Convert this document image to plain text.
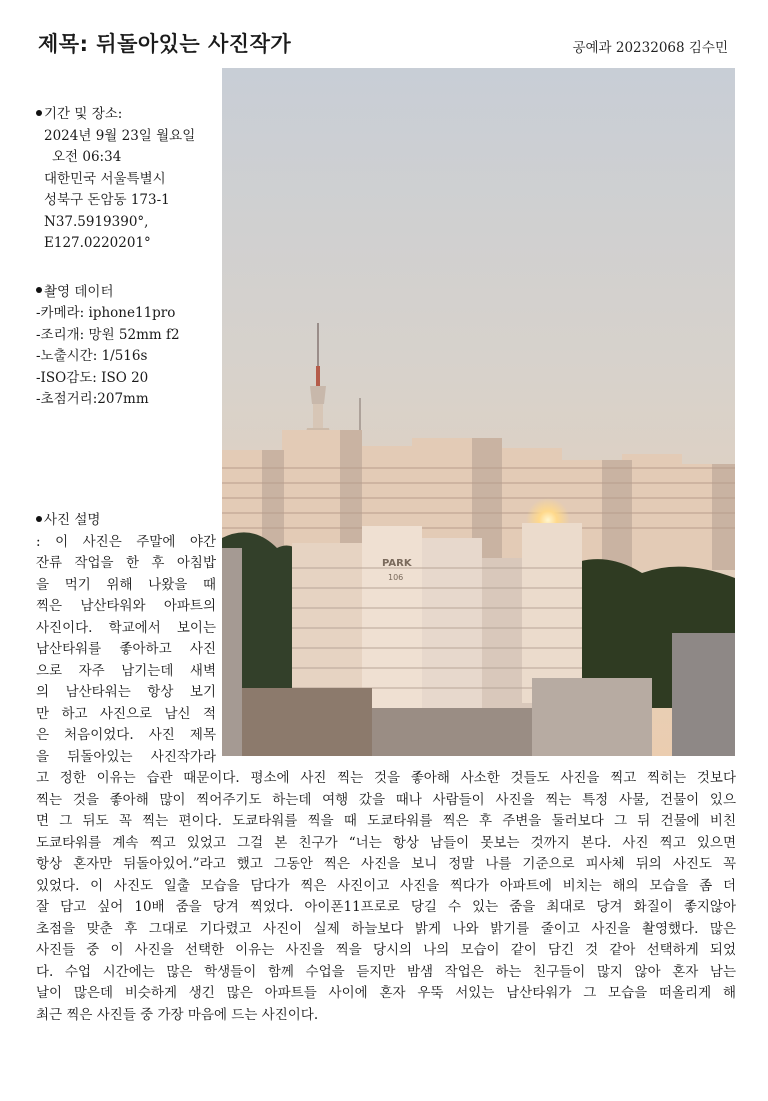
제목: 뒤돌아있는 사진작가	공예과 20232068 김수민
기간 및 장소:
2024년 9월 23일 월요일
오전 06:34
대한민국 서울특별시
성북구 돈암동 173-1
N37.5919390°,
E127.0220201°
촬영 데이터
-카메라: iphone11pro
-조리개: 망원 52mm f2
-노출시간: 1/516s
-ISO감도: ISO 20
-초점거리:207mm
사진 설명
: 이 사진은 주말에 야간
잔류 작업을 한 후 아침밥
을 먹기 위해 나왔을 때
찍은 남산타워와 아파트의
사진이다. 학교에서 보이는
남산타워를 좋아하고 사진
으로 자주 남기는데 새벽
의 남산타워는 항상 보기
만 하고 사진으로 남신 적
은 처음이었다. 사진 제목
을 뒤돌아있는 사진작가라
고 정한 이유는 습관 때문이다. 평소에 사진 찍는 것을 좋아해 사소한 것들도 사진을 찍고 찍히는 것보다
찍는 것을 좋아해 많이 찍어주기도 하는데 여행 갔을 때나 사람들이 사진을 찍는 특정 사물, 건물이 있으
면 그 뒤도 꼭 찍는 편이다. 도쿄타워를 찍을 때 도쿄타워를 찍은 후 주변을 둘러보다 그 뒤 건물에 비친
도쿄타워를 계속 찍고 있었고 그걸 본 친구가 “너는 항상 남들이 못보는 것까지 본다. 사진 찍고 있으면
항상 혼자만 뒤돌아있어.”라고 했고 그동안 찍은 사진을 보니 정말 나를 기준으로 피사체 뒤의 사진도 꼭
있었다. 이 사진도 일출 모습을 담다가 찍은 사진이고 사진을 찍다가 아파트에 비치는 해의 모습을 좀 더
잘 담고 싶어 10배 줌을 당겨 찍었다. 아이폰11프로로 당길 수 있는 줌을 최대로 당겨 화질이 좋지않아
초점을 맞춘 후 그대로 기다렸고 사진이 실제 하늘보다 밝게 나와 밝기를 줄이고 사진을 촬영했다. 많은
사진들 중 이 사진을 선택한 이유는 사진을 찍을 당시의 나의 모습이 같이 담긴 것 같아 선택하게 되었
다. 수업 시간에는 많은 학생들이 함께 수업을 듣지만 밤샘 작업은 하는 친구들이 많지 않아 혼자 남는
날이 많은데 비슷하게 생긴 많은 아파트들 사이에 혼자 우뚝 서있는 남산타워가 그 모습을 떠올리게 해
최근 찍은 사진들 중 가장 마음에 드는 사진이다.
PARK
106
